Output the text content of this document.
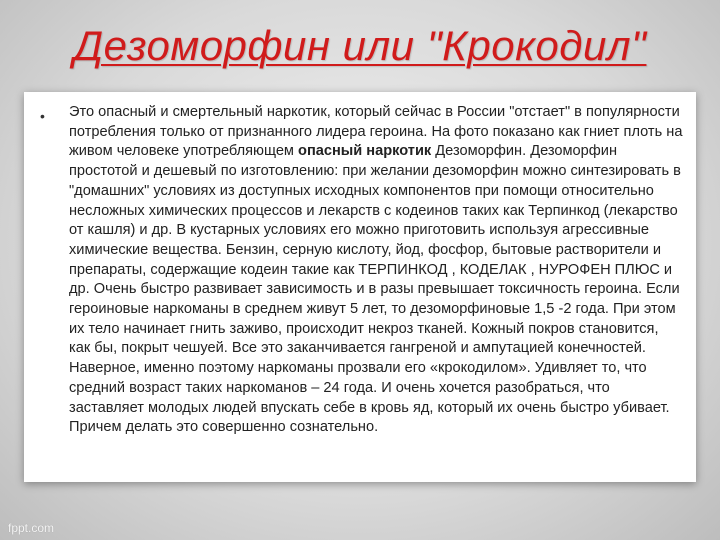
Дезоморфин или "Крокодил"
• Это опасный и смертельный наркотик, который сейчас в России "отстает" в популярности потребления только от признанного лидера героина. На фото показано как гниет плоть на живом человеке употребляющем опасный наркотик Дезоморфин. Дезоморфин простотой и дешевый по изготовлению: при желании дезоморфин можно синтезировать в "домашних" условиях из доступных исходных компонентов при помощи относительно несложных химических процессов и лекарств с кодеинов таких как Терпинкод (лекарство от кашля) и др. В кустарных условиях его можно приготовить используя агрессивные химические вещества. Бензин, серную кислоту, йод, фосфор, бытовые растворители и препараты, содержащие кодеин такие как ТЕРПИНКОД , КОДЕЛАК , НУРОФЕН ПЛЮС и др. Очень быстро развивает зависимость и в разы превышает токсичность героина. Если героиновые наркоманы в среднем живут 5 лет, то дезоморфиновые 1,5 -2 года. При этом их тело начинает гнить заживо, происходит некроз тканей. Кожный покров становится, как бы, покрыт чешуей. Все это заканчивается гангреной и ампутацией конечностей. Наверное, именно поэтому наркоманы прозвали его «крокодилом». Удивляет то, что средний возраст таких наркоманов – 24 года. И очень хочется разобраться, что заставляет молодых людей впускать себе в кровь яд, который их очень быстро убивает. Причем делать это совершенно сознательно.

fppt.com
